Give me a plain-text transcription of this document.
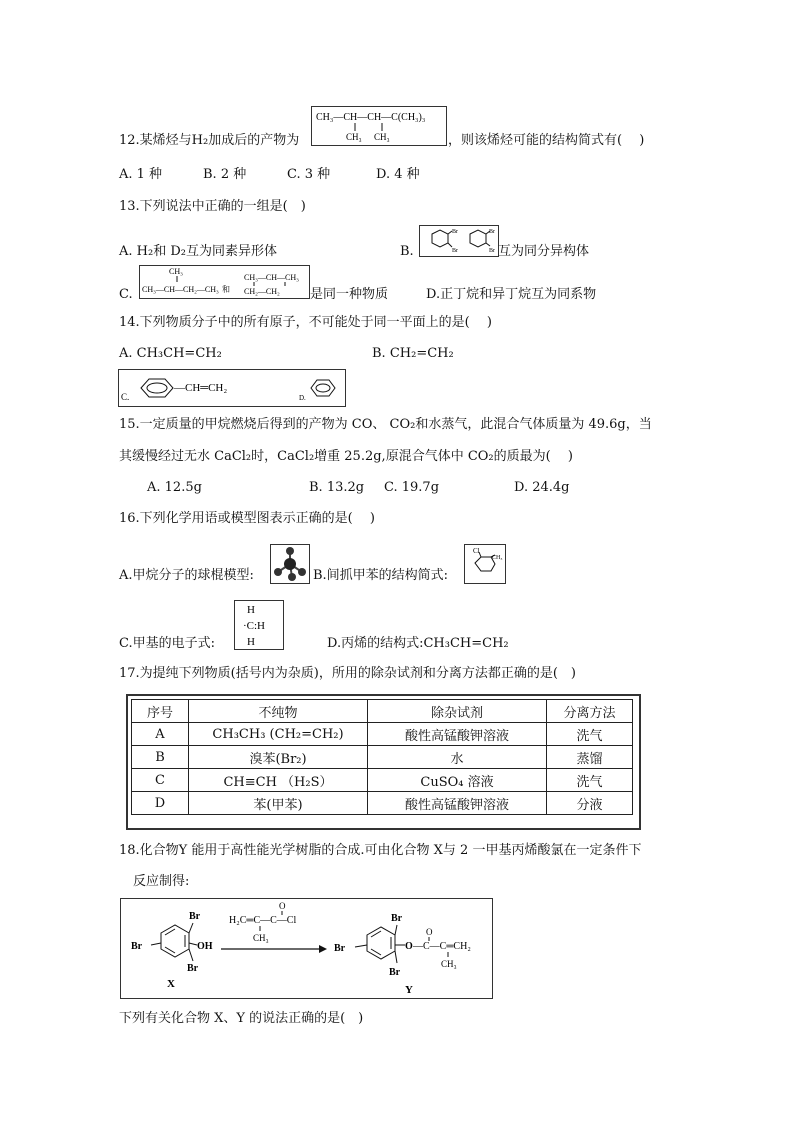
CH₃—CH—CH—C(CH₃)₃
CH₃ CH₃
12.某烯烃与H₂加成后的产物为	，则该烯烃可能的结构简式有(　 )
A. 1 种	B. 2 种	C. 3 种	D. 4 种
13.下列说法中正确的一组是(　)
A. H₂和 D₂互为同素异形体	B.
Br
Br
Br
Br 互为同分异构体
C.
CH₃
CH₃—CH—CH₂—CH₃ 和
CH₃—CH—CH₃
CH₂—CH₂ 是同一种物质	D.正丁烷和异丁烷互为同系物
14.下列物质分子中的所有原子，不可能处于同一平面上的是(　 )
A. CH₃CH=CH₂	B. CH₂=CH₂
C.
—CH═CH₂
D.
15.一定质量的甲烷燃烧后得到的产物为 CO、 CO₂和水蒸气，此混合气体质量为 49.6g，当
其缓慢经过无水 CaCl₂时，CaCl₂增重 25.2g,原混合气体中 CO₂的质最为(　 )
A. 12.5g	B. 13.2g C. 19.7g	D. 24.4g
16.下列化学用语或模型图表示正确的是(　 )
A.甲烷分子的球棍模型:	B.间抓甲苯的结构简式:
Cl
CH₃
C.甲基的电子式:
H
·C:H
H	D.丙烯的结构式:CH₃CH=CH₂
17.为提纯下列物质(括号内为杂质)，所用的除杂试剂和分离方法都正确的是(　)
序号	不纯物	除杂试剂	分离方法
A	CH₃CH₃ (CH₂=CH₂)	酸性高锰酸钾溶液	洗气
B	溴苯(Br₂)	水	蒸馏
C	CH≡CH （H₂S）	CuSO₄ 溶液	洗气
D	苯(甲苯)	酸性高锰酸钾溶液	分液
18.化合物Y 能用于高性能光学树脂的合成.可由化合物 X与 2 一甲基丙烯酸氯在一定条件下
反应制得:
Br
Br	OH
Br
X
H₂C═C—C—Cl
O
CH₃
Br
Br	O —C—C═CH₂
O
CH₃
Br
Y
下列有关化合物 X、Y 的说法正确的是(　)
